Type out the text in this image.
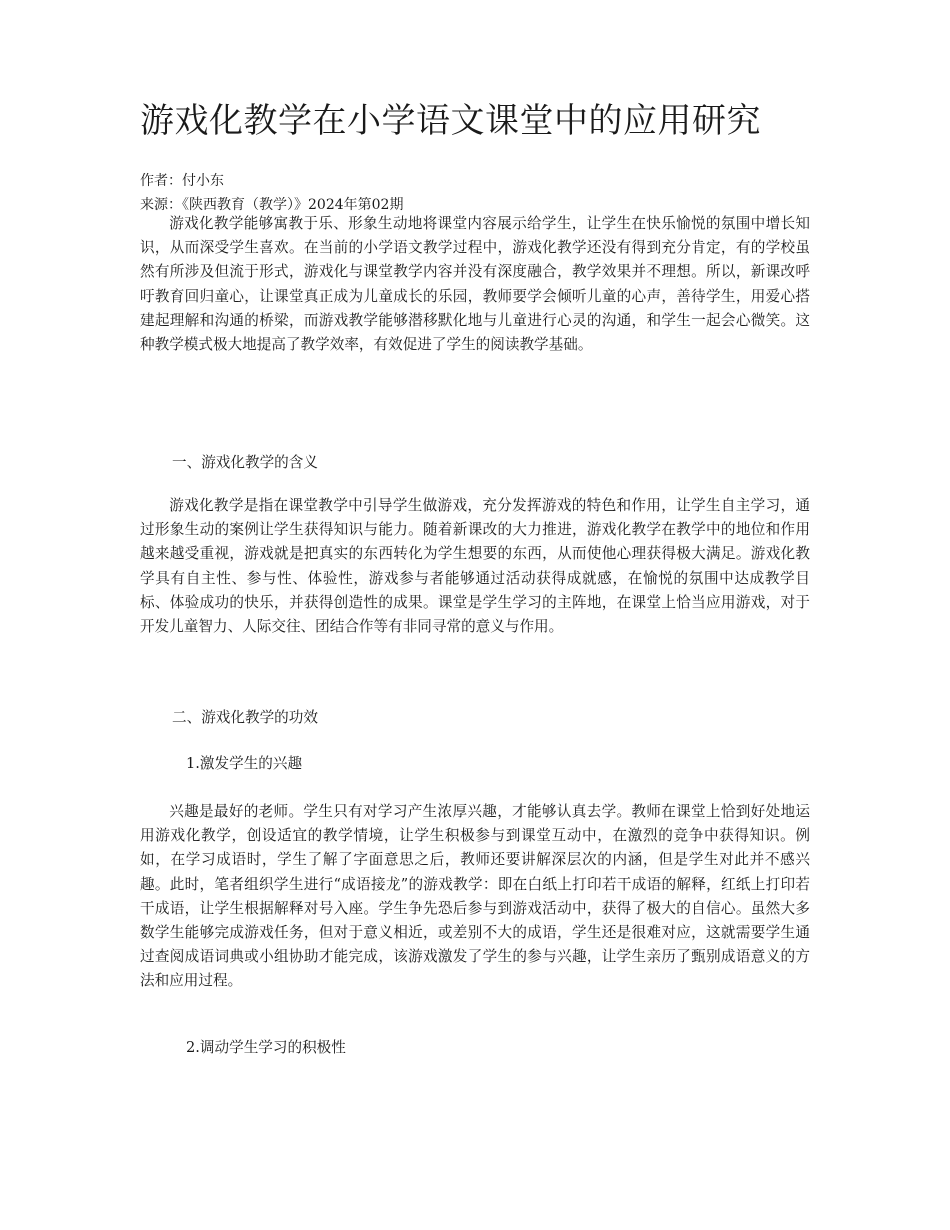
游戏化教学在小学语文课堂中的应用研究
作者：付小东
来源：《陕西教育（教学）》2024年第02期

游戏化教学能够寓教于乐、形象生动地将课堂内容展示给学生，让学生在快乐愉悦的氛围中增长知识，从而深受学生喜欢。在当前的小学语文教学过程中，游戏化教学还没有得到充分肯定，有的学校虽然有所涉及但流于形式，游戏化与课堂教学内容并没有深度融合，教学效果并不理想。所以，新课改呼吁教育回归童心，让课堂真正成为儿童成长的乐园，教师要学会倾听儿童的心声，善待学生，用爱心搭建起理解和沟通的桥梁，而游戏教学能够潜移默化地与儿童进行心灵的沟通，和学生一起会心微笑。这种教学模式极大地提高了教学效率，有效促进了学生的阅读教学基础。

一、游戏化教学的含义

游戏化教学是指在课堂教学中引导学生做游戏，充分发挥游戏的特色和作用，让学生自主学习，通过形象生动的案例让学生获得知识与能力。随着新课改的大力推进，游戏化教学在教学中的地位和作用越来越受重视，游戏就是把真实的东西转化为学生想要的东西，从而使他心理获得极大满足。游戏化教学具有自主性、参与性、体验性，游戏参与者能够通过活动获得成就感，在愉悦的氛围中达成教学目标、体验成功的快乐，并获得创造性的成果。课堂是学生学习的主阵地，在课堂上恰当应用游戏，对于开发儿童智力、人际交往、团结合作等有非同寻常的意义与作用。

二、游戏化教学的功效

1.激发学生的兴趣

兴趣是最好的老师。学生只有对学习产生浓厚兴趣，才能够认真去学。教师在课堂上恰到好处地运用游戏化教学，创设适宜的教学情境，让学生积极参与到课堂互动中，在激烈的竞争中获得知识。例如，在学习成语时，学生了解了字面意思之后，教师还要讲解深层次的内涵，但是学生对此并不感兴趣。此时，笔者组织学生进行“成语接龙”的游戏教学：即在白纸上打印若干成语的解释，红纸上打印若干成语，让学生根据解释对号入座。学生争先恐后参与到游戏活动中，获得了极大的自信心。虽然大多数学生能够完成游戏任务，但对于意义相近，或差别不大的成语，学生还是很难对应，这就需要学生通过查阅成语词典或小组协助才能完成，该游戏激发了学生的参与兴趣，让学生亲历了甄别成语意义的方法和应用过程。

2.调动学生学习的积极性
